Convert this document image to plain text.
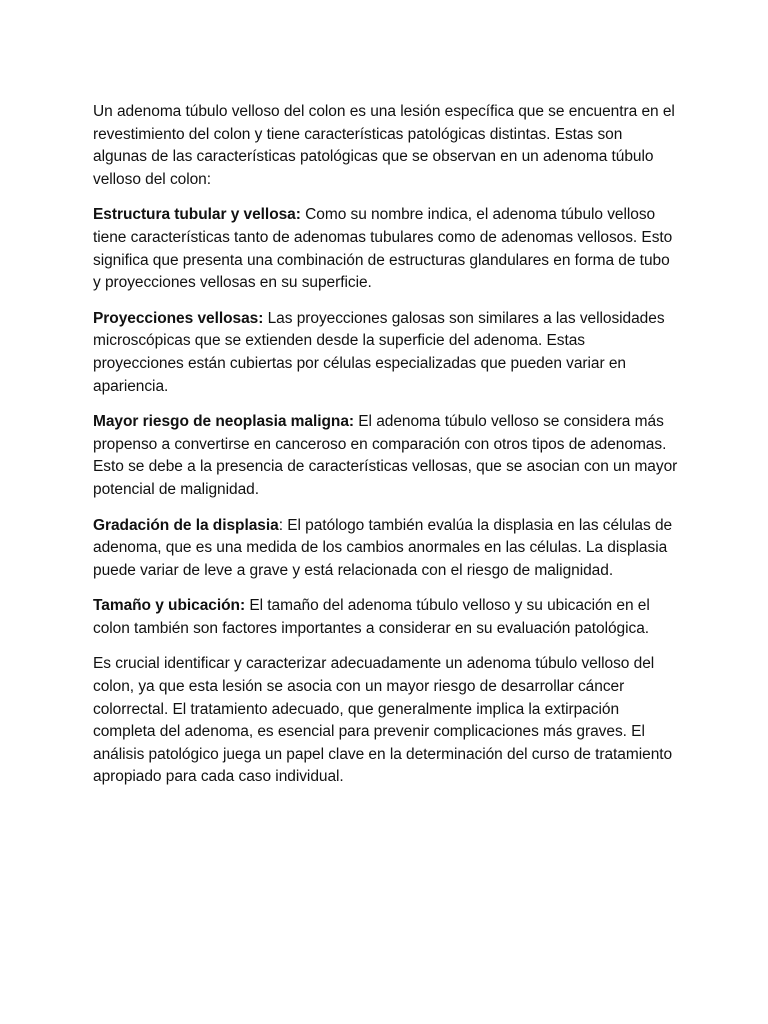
Un adenoma túbulo velloso del colon es una lesión específica que se encuentra en el revestimiento del colon y tiene características patológicas distintas. Estas son algunas de las características patológicas que se observan en un adenoma túbulo velloso del colon:

Estructura tubular y vellosa: Como su nombre indica, el adenoma túbulo velloso tiene características tanto de adenomas tubulares como de adenomas vellosos. Esto significa que presenta una combinación de estructuras glandulares en forma de tubo y proyecciones vellosas en su superficie.

Proyecciones vellosas: Las proyecciones galosas son similares a las vellosidades microscópicas que se extienden desde la superficie del adenoma. Estas proyecciones están cubiertas por células especializadas que pueden variar en apariencia.

Mayor riesgo de neoplasia maligna: El adenoma túbulo velloso se considera más propenso a convertirse en canceroso en comparación con otros tipos de adenomas. Esto se debe a la presencia de características vellosas, que se asocian con un mayor potencial de malignidad.

Gradación de la displasia: El patólogo también evalúa la displasia en las células de adenoma, que es una medida de los cambios anormales en las células. La displasia puede variar de leve a grave y está relacionada con el riesgo de malignidad.

Tamaño y ubicación: El tamaño del adenoma túbulo velloso y su ubicación en el colon también son factores importantes a considerar en su evaluación patológica.

Es crucial identificar y caracterizar adecuadamente un adenoma túbulo velloso del colon, ya que esta lesión se asocia con un mayor riesgo de desarrollar cáncer colorrectal. El tratamiento adecuado, que generalmente implica la extirpación completa del adenoma, es esencial para prevenir complicaciones más graves. El análisis patológico juega un papel clave en la determinación del curso de tratamiento apropiado para cada caso individual.
